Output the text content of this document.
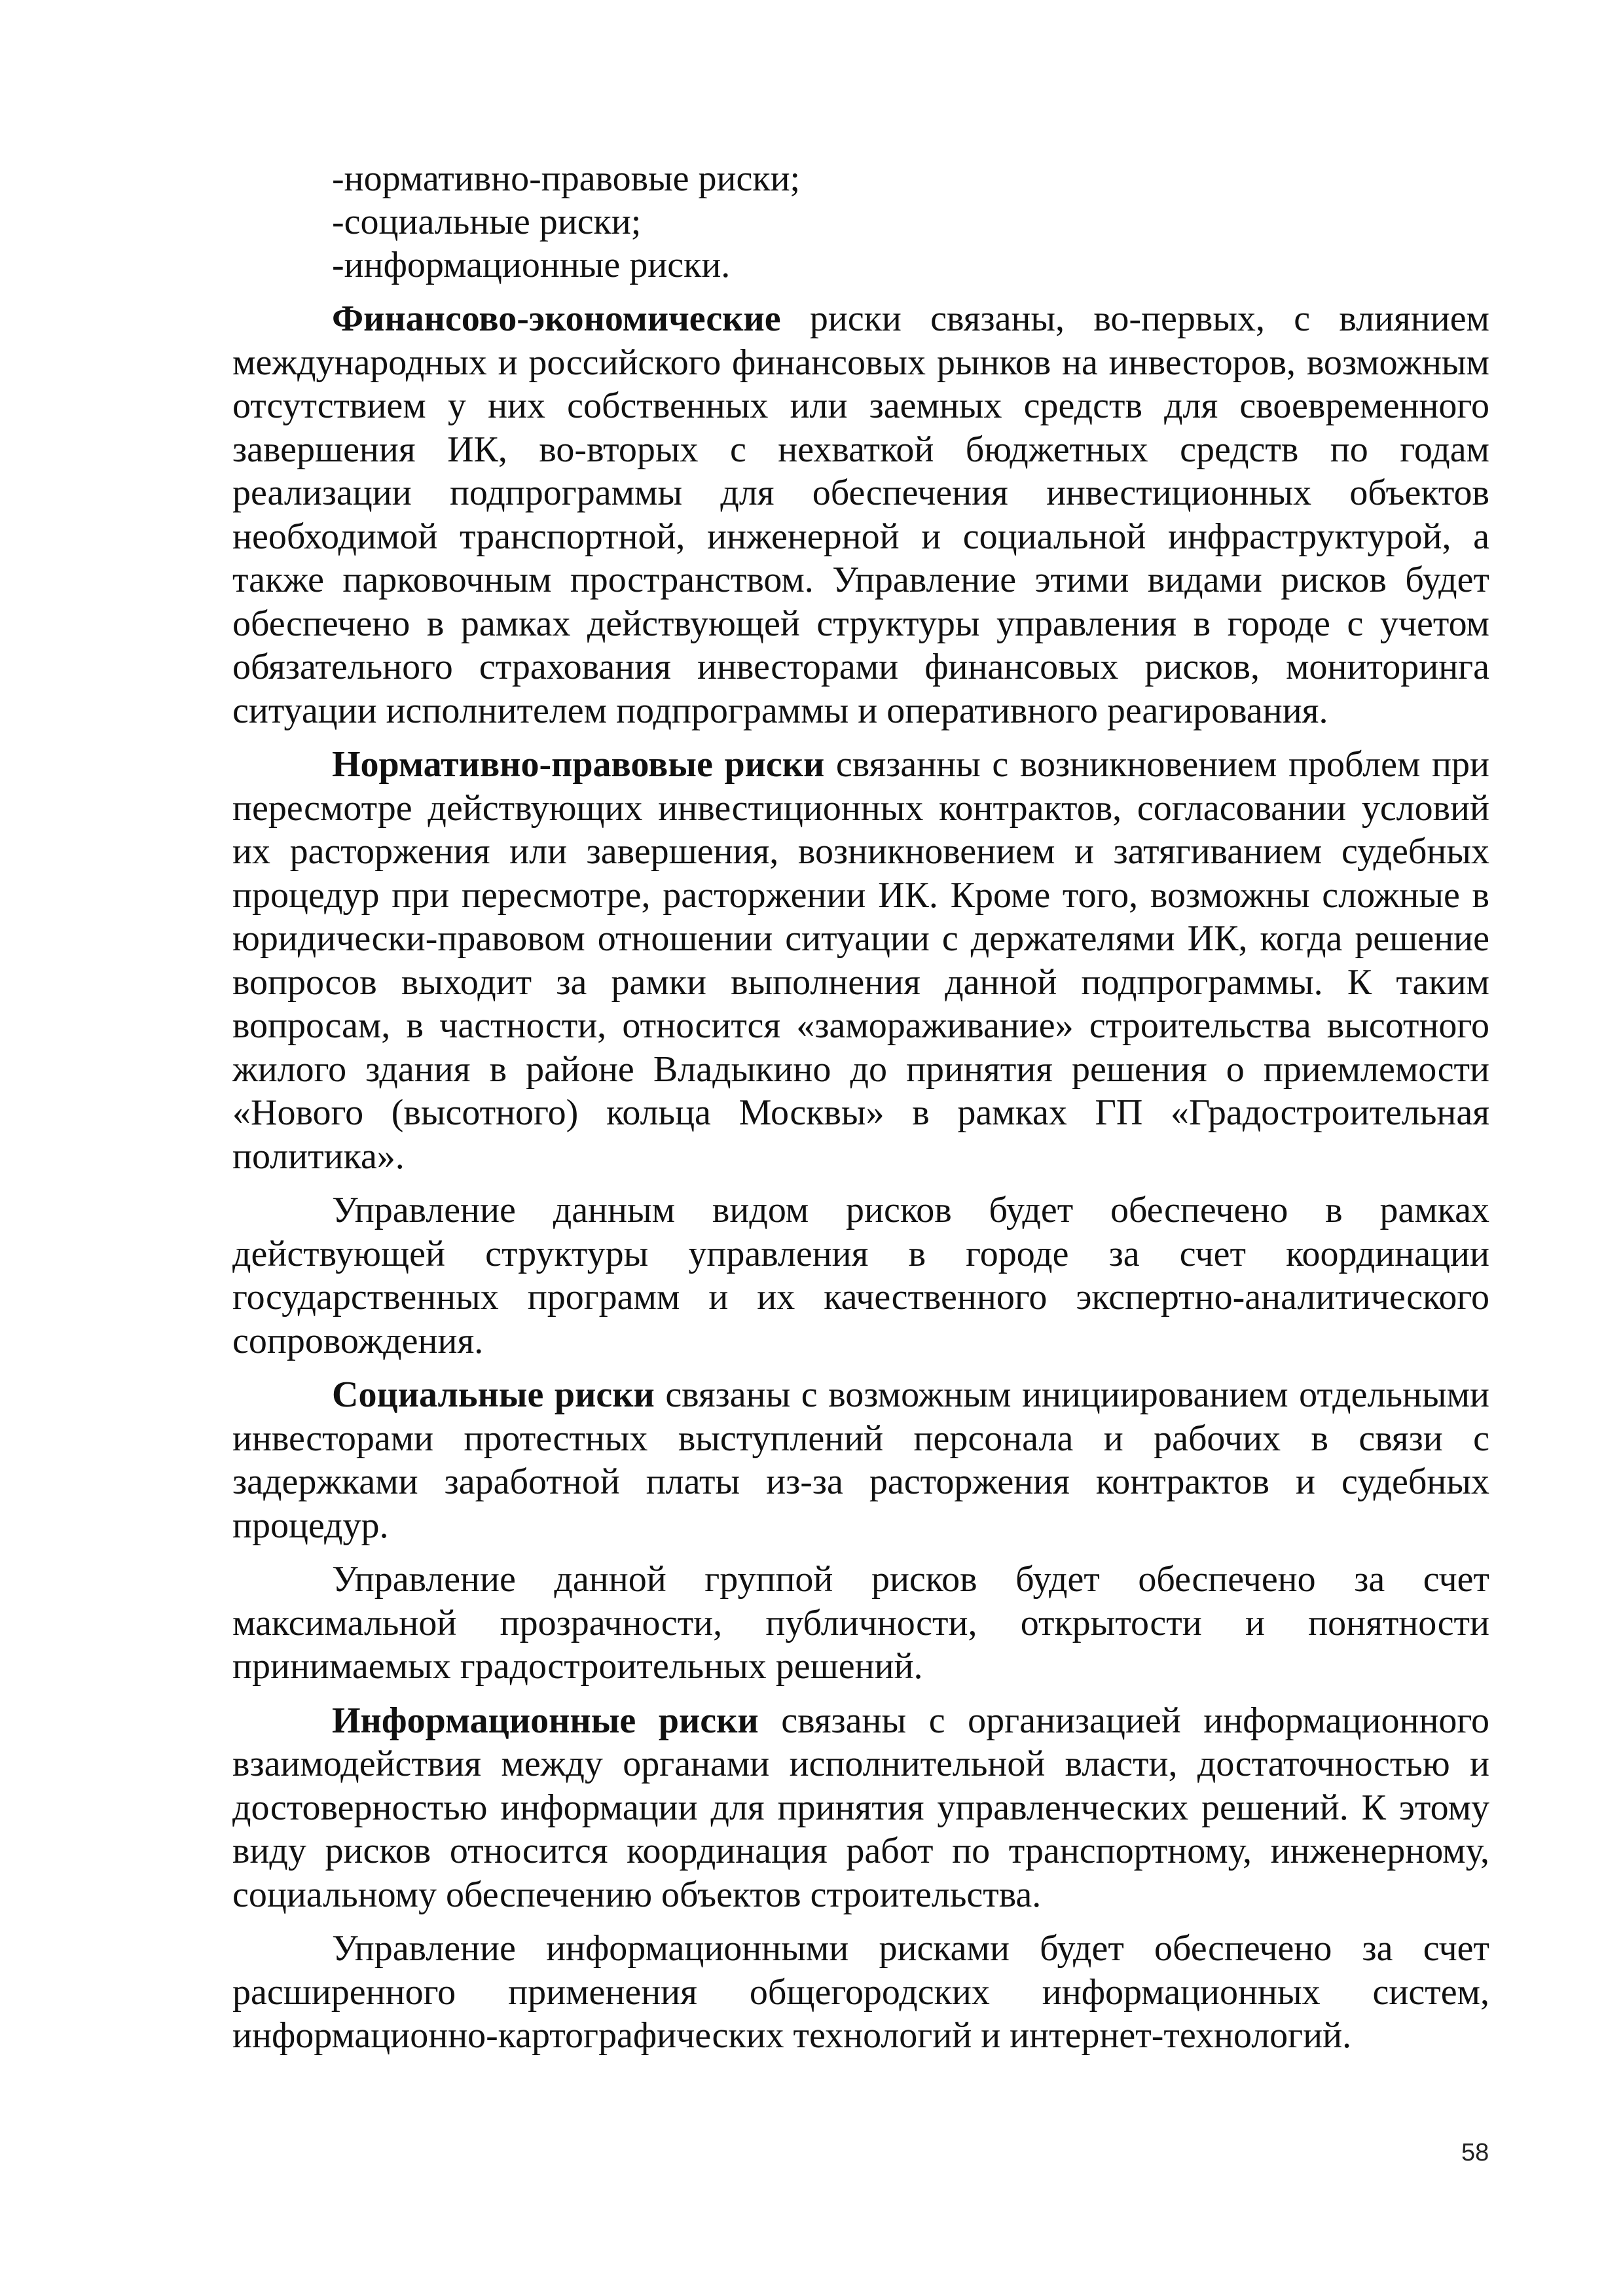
-нормативно-правовые риски;
-социальные риски;
-информационные риски.

Финансово-экономические риски связаны, во-первых, с влиянием международных и российского финансовых рынков на инвесторов, возможным отсутствием у них собственных или заемных средств для своевременного завершения ИК, во-вторых с нехваткой бюджетных средств по годам реализации подпрограммы для обеспечения инвестиционных объектов необходимой транспортной, инженерной и социальной инфраструктурой, а также парковочным пространством. Управление этими видами рисков будет обеспечено в рамках действующей структуры управления в городе с учетом обязательного страхования инвесторами финансовых рисков, мониторинга ситуации исполнителем подпрограммы и оперативного реагирования.

Нормативно-правовые риски связанны с возникновением проблем при пересмотре действующих инвестиционных контрактов, согласовании условий их расторжения или завершения, возникновением и затягиванием судебных процедур при пересмотре, расторжении ИК. Кроме того, возможны сложные в юридически-правовом отношении ситуации с держателями ИК, когда решение вопросов выходит за рамки выполнения данной подпрограммы. К таким вопросам, в частности, относится «замораживание» строительства высотного жилого здания в районе Владыкино до принятия решения о приемлемости «Нового (высотного) кольца Москвы» в рамках ГП «Градостроительная политика».

Управление данным видом рисков будет обеспечено в рамках действующей структуры управления в городе за счет координации государственных программ и их качественного экспертно-аналитического сопровождения.

Социальные риски связаны с возможным инициированием отдельными инвесторами протестных выступлений персонала и рабочих в связи с задержками заработной платы из-за расторжения контрактов и судебных процедур.

Управление данной группой рисков будет обеспечено за счет максимальной прозрачности, публичности, открытости и понятности принимаемых градостроительных решений.

Информационные риски связаны с организацией информационного взаимодействия между органами исполнительной власти, достаточностью и достоверностью информации для принятия управленческих решений. К этому виду рисков относится координация работ по транспортному, инженерному, социальному обеспечению объектов строительства.

Управление информационными рисками будет обеспечено за счет расширенного применения общегородских информационных систем, информационно-картографических технологий и интернет-технологий.

58
